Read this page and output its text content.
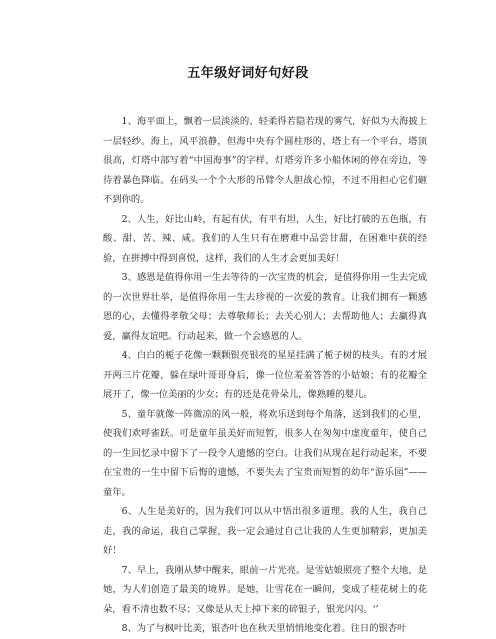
五年级好词好句好段

1、海平面上，飘着一层淡淡的、轻柔得若隐若现的雾气，好似为大海披上一层轻纱。海上，风平浪静，但海中央有个圆柱形的，塔上有一个平台，塔顶很高，灯塔中部写着“中国海事”的字样，灯塔旁许多小船休闲的停在旁边，等待着暴色降临。在码头一个个大形的吊臂令人胆战心惊，不过不用担心它们砸不到你的。

2、人生，好比山岭，有起有伏，有平有坦，人生，好比打破的五色瓶，有酸、甜、苦、辣、咸。我们的人生只有在磨难中品尝甘甜，在困难中获的经验，在拼搏中得到喜悦，这样，我们的人生才会更加美好！

3、感恩是值得你用一生去等待的一次宝贵的机会，是值得你用一生去完成的一次世界壮举，是值得你用一生去珍视的一次爱的教育。让我们拥有一颗感恩的心，去懂得孝敬父母；去尊敬师长；去关心别人；去帮助他人；去赢得真爱，赢得友谊吧。行动起来，做一个会感恩的人。

4、白白的栀子花像一颗颗银亮银亮的星星挂满了栀子树的枝头。有的才展开两三片花瓣，躲在绿叶哥哥身后，像一位位羞羞答答的小姑娘；有的花瓣全展开了，像一位美丽的少女；有的还是花骨朵儿，像熟睡的婴儿。

5、童年就像一阵微凉的风一般，将欢乐送到每个角落，送到我们的心里，使我们欢呼雀跃。可是童年虽美好而短暂，很多人在匆匆中虚度童年，使自己的一生回忆录中留下了一段令人遗憾的空白。让我们从现在起行动起来，不要在宝贵的一生中留下后悔的遗憾，不要失去了宝贵而短暂的幼年“游乐园”——童年。

6、人生是美好的，因为我们可以从中悟出很多道理。我的人生，我自己走，我的命运，我自己掌握，我一定会通过自己让我的人生更加精彩，更加美好！

7、早上，我刚从梦中醒来，眼前一片光亮。是雪姑娘照亮了整个大地，是她，为人们创造了最美的境界。是她，让雪花在一瞬间，变成了桂花树上的花朵，看不清也数不尽；又像是从天上掉下来的碎银子，银光闪闪。‘’

8、为了与枫叶比美，银杏叶也在秋天里悄悄地变化着。往日的银杏叶
